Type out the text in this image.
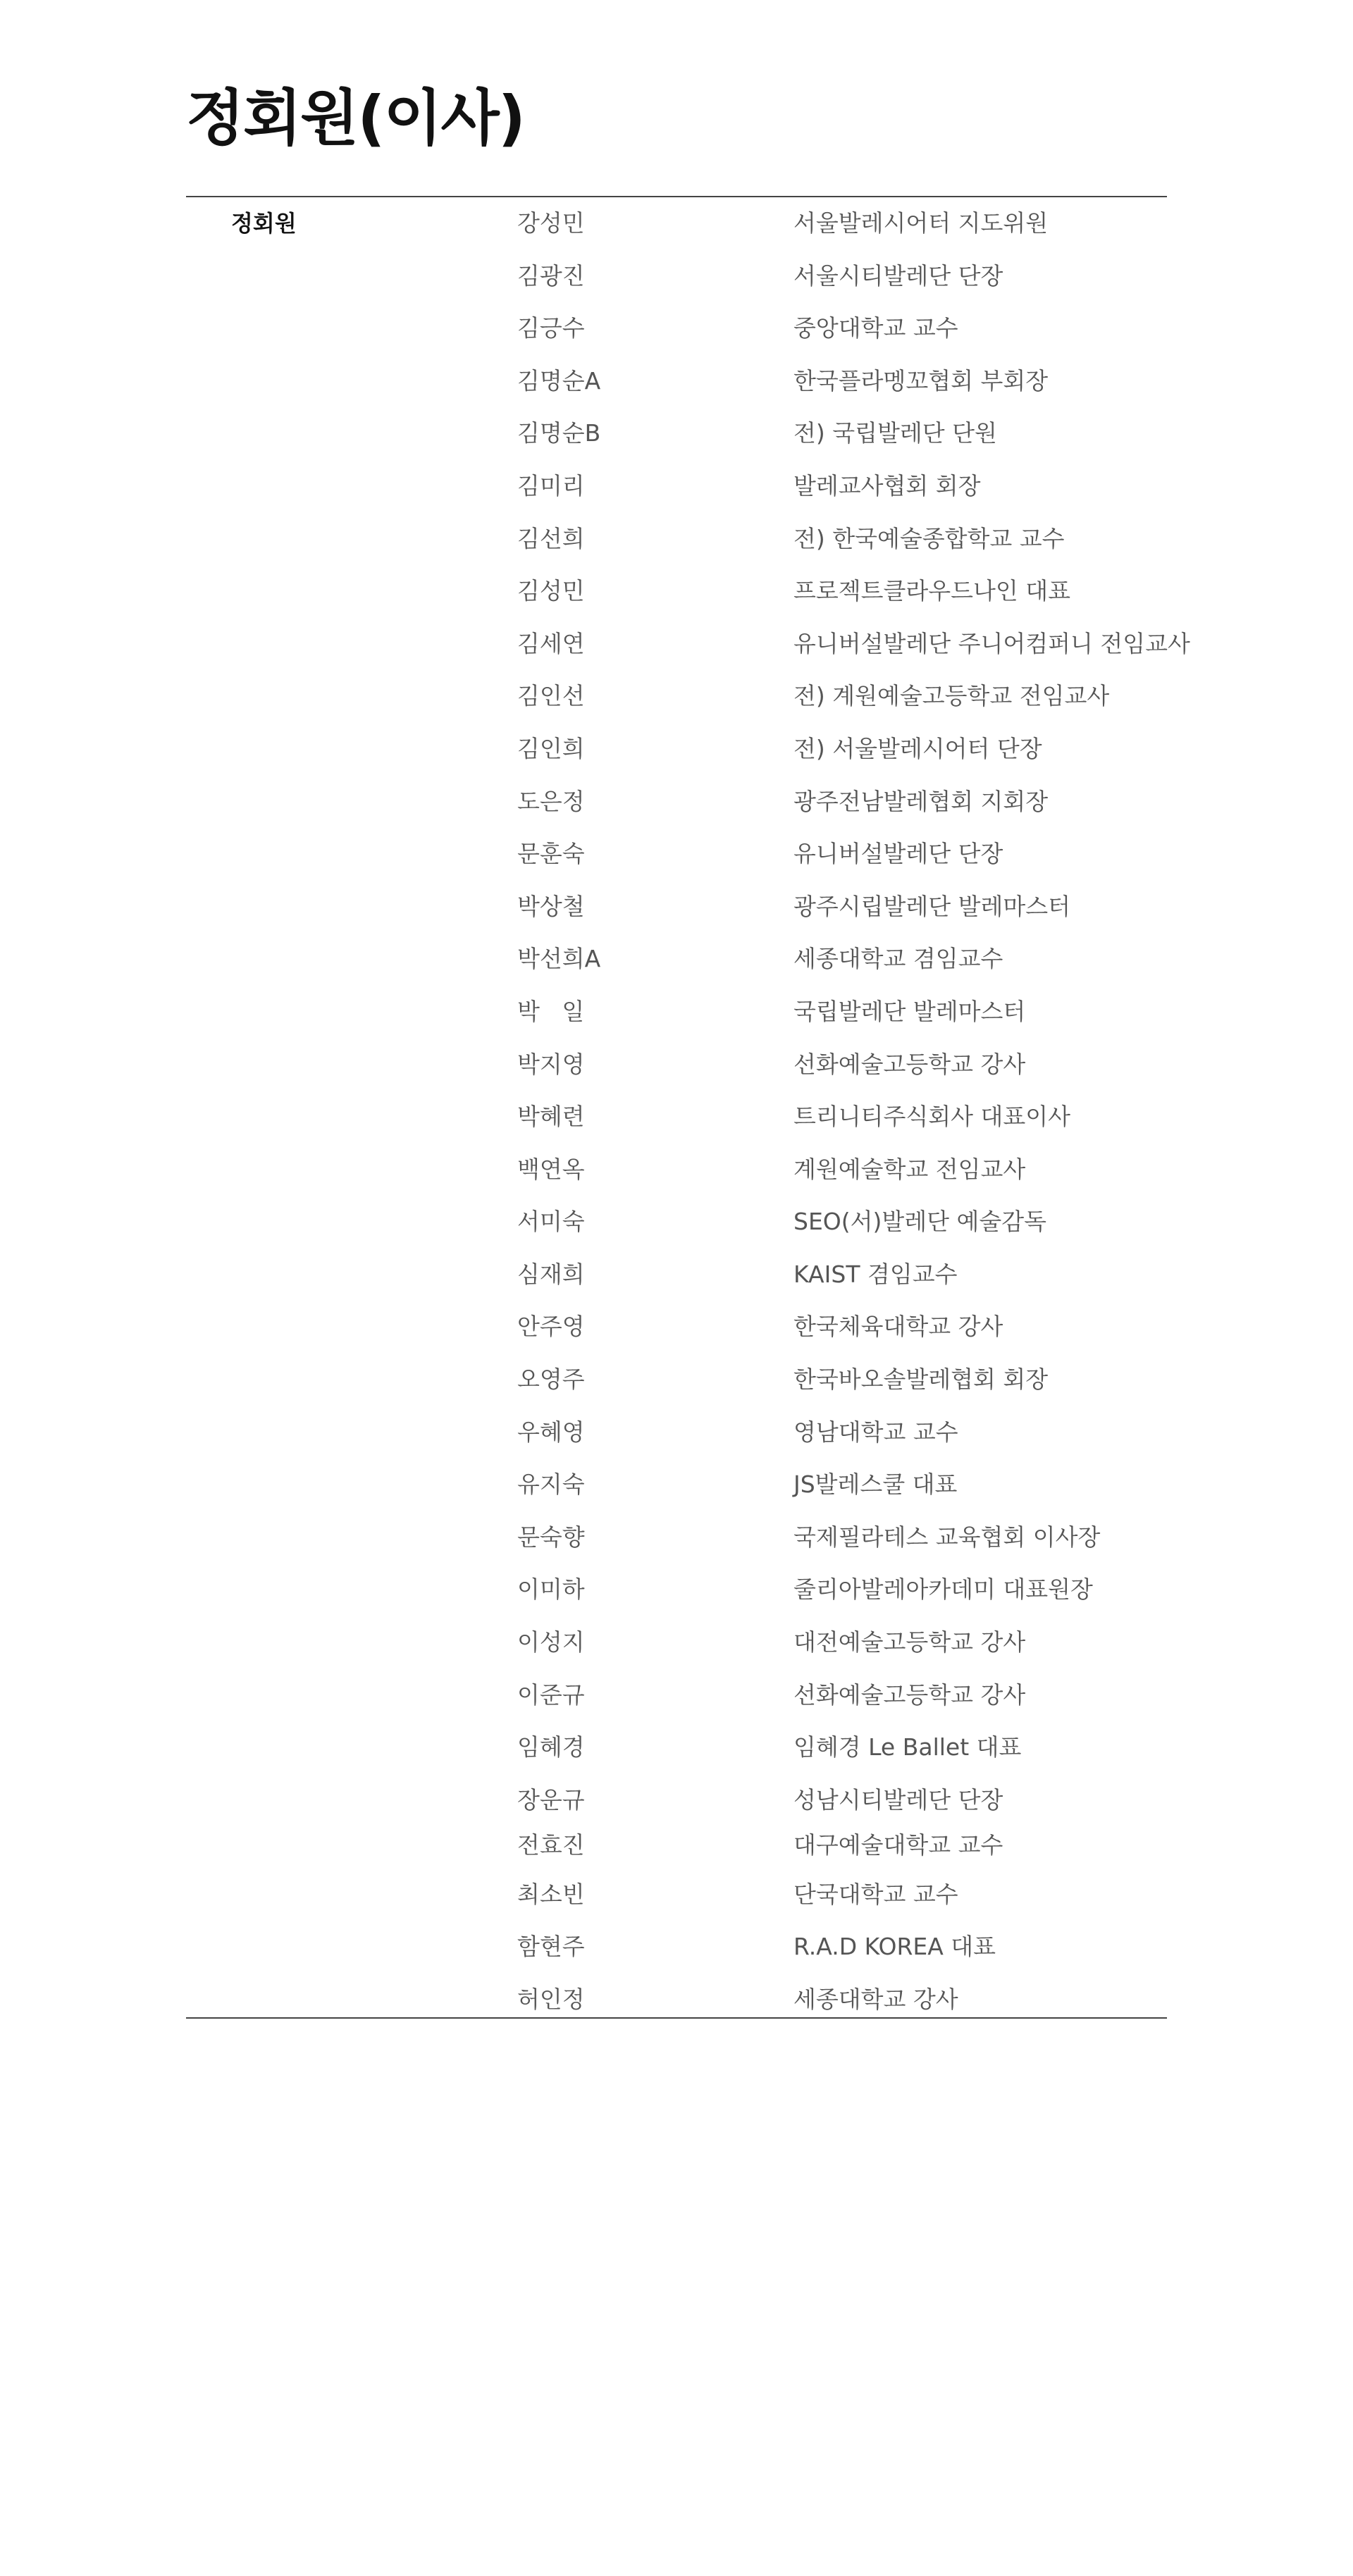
정회원(이사)
정회원	강성민	서울발레시어터 지도위원
김광진	서울시티발레단 단장
김긍수	중앙대학교 교수
김명순A	한국플라멩꼬협회 부회장
김명순B	전) 국립발레단 단원
김미리	발레교사협회 회장
김선희	전) 한국예술종합학교 교수
김성민	프로젝트클라우드나인 대표
김세연	유니버설발레단 주니어컴퍼니 전임교사
김인선	전) 계원예술고등학교 전임교사
김인희	전) 서울발레시어터 단장
도은정	광주전남발레협회 지회장
문훈숙	유니버설발레단 단장
박상철	광주시립발레단 발레마스터
박선희A	세종대학교 겸임교수
박   일	국립발레단 발레마스터
박지영	선화예술고등학교 강사
박혜련	트리니티주식회사 대표이사
백연옥	계원예술학교 전임교사
서미숙	SEO(서)발레단 예술감독
심재희	KAIST 겸임교수
안주영	한국체육대학교 강사
오영주	한국바오솔발레협회 회장
우혜영	영남대학교 교수
유지숙	JS발레스쿨 대표
문숙향	국제필라테스 교육협회 이사장
이미하	줄리아발레아카데미 대표원장
이성지	대전예술고등학교 강사
이준규	선화예술고등학교 강사
임혜경	임혜경 Le Ballet 대표
장운규	성남시티발레단 단장
전효진	대구예술대학교 교수
최소빈	단국대학교 교수
함현주	R.A.D KOREA 대표
허인정	세종대학교 강사
